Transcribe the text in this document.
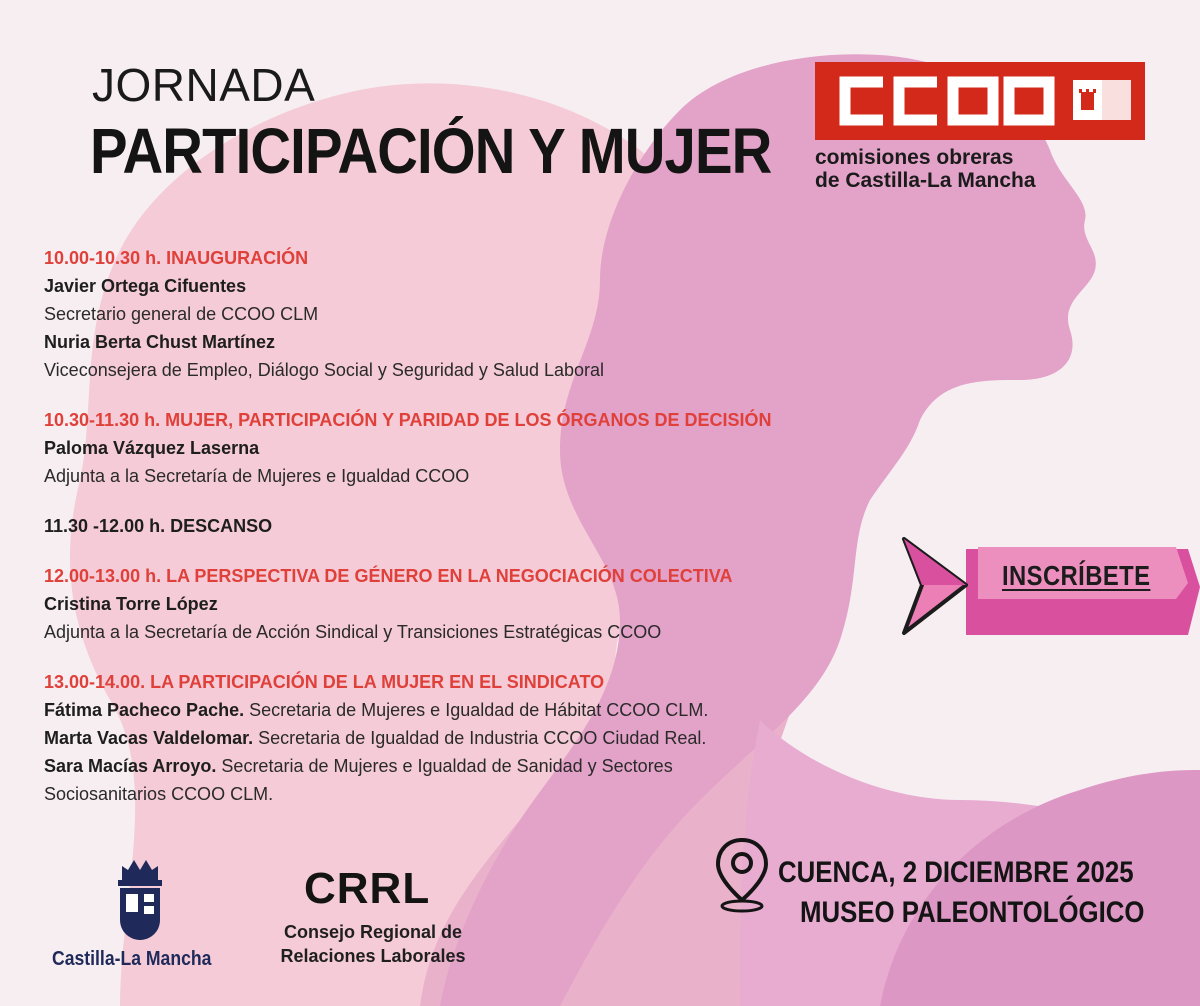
JORNADA
PARTICIPACIÓN Y MUJER comisiones obreras
de Castilla-La Mancha

10.00-10.30 h. INAUGURACIÓN

Javier Ortega Cifuentes

Secretario general de CCOO CLM

Nuria Berta Chust Martínez

Viceconsejera de Empleo, Diálogo Social y Seguridad y Salud Laboral

10.30-11.30 h. MUJER, PARTICIPACIÓN Y PARIDAD DE LOS ÓRGANOS DE DECISIÓN

Paloma Vázquez Laserna

Adjunta a la Secretaría de Mujeres e Igualdad CCOO

11.30 -12.00 h. DESCANSO

12.00-13.00 h. LA PERSPECTIVA DE GÉNERO EN LA NEGOCIACIÓN COLECTIVA

Cristina Torre López

Adjunta a la Secretaría de Acción Sindical y Transiciones Estratégicas CCOO

13.00-14.00. LA PARTICIPACIÓN DE LA MUJER EN EL SINDICATO

Fátima Pacheco Pache. Secretaria de Mujeres e Igualdad de Hábitat CCOO CLM.

Marta Vacas Valdelomar. Secretaria de Igualdad de Industria CCOO Ciudad Real.

Sara Macías Arroyo. Secretaria de Mujeres e Igualdad de Sanidad y Sectores

Sociosanitarios CCOO CLM.

INSCRÍBETE
CUENCA, 2 DICIEMBRE 2025
MUSEO PALEONTOLÓGICO
Castilla-La Mancha
CRRL
Consejo Regional de
Relaciones Laborales
